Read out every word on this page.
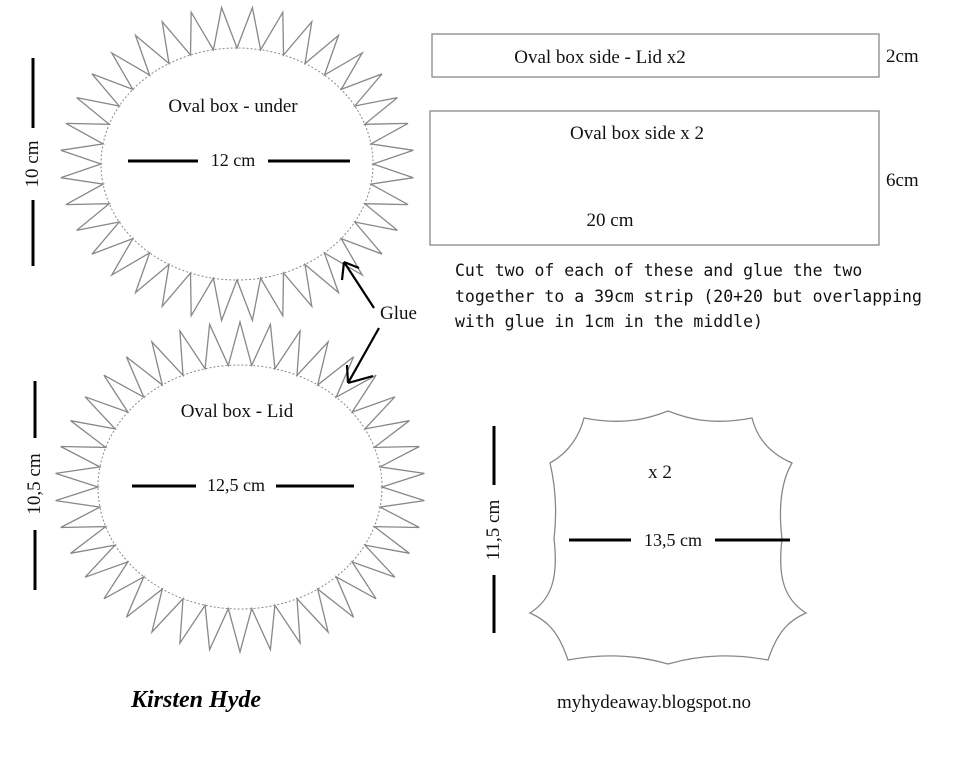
Oval box - under
12 cm
10 cm
Oval box - Lid
12,5 cm
10,5 cm
Glue
Oval box side - Lid x2	2cm
Oval box side x 2
20 cm
6cm
Cut two of each of these and glue the two
together to a 39cm strip (20+20 but overlapping
with glue in 1cm in the middle)
x 2
13,5 cm
11,5 cm
Kirsten Hyde	myhydeaway.blogspot.no
